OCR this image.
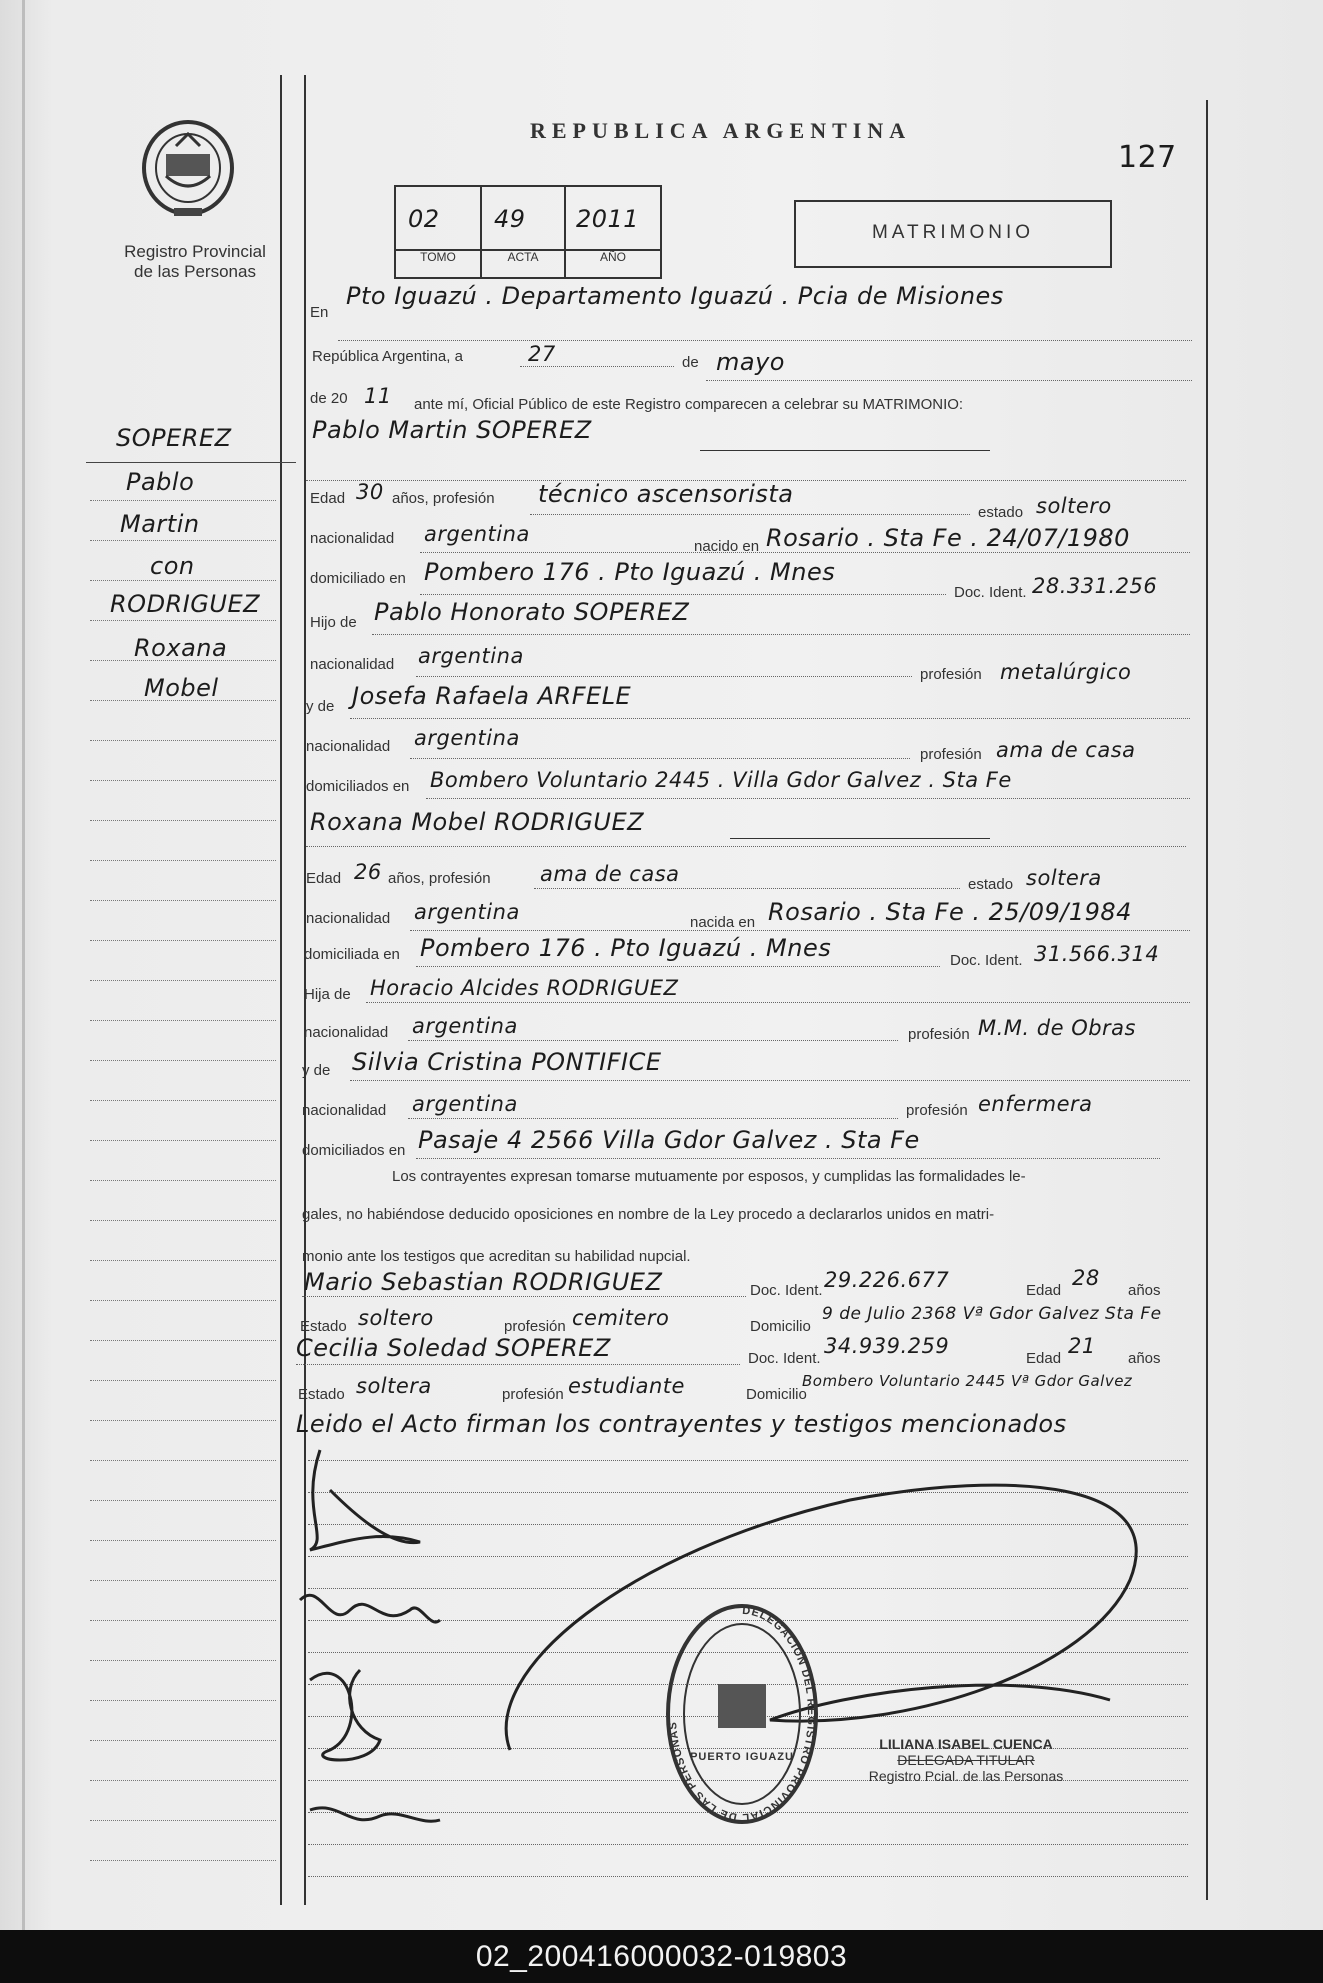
Registro Provincial
de las Personas
REPUBLICA ARGENTINA
127
02 49 2011
TOMO	ACTA	AÑO
MATRIMONIO
SOPEREZ
Pablo
Martin
con
RODRIGUEZ
Roxana
Mobel
En
Pto Iguazú . Departamento Iguazú . Pcia de Misiones
República Argentina, a	27	de mayo
de 20 11 ante mí, Oficial Público de este Registro comparecen a celebrar su MATRIMONIO:
Pablo Martin SOPEREZ
Edad 30 años, profesión técnico ascensorista
estado soltero
nacionalidad argentina
nacido en Rosario . Sta Fe . 24/07/1980
domiciliado en Pombero 176 . Pto Iguazú . Mnes
Doc. Ident. 28.331.256
Hijo de Pablo Honorato SOPEREZ
nacionalidad argentina
profesión metalúrgico
y de Josefa Rafaela ARFELE
nacionalidad argentina
profesión ama de casa
domiciliados en Bombero Voluntario 2445 . Villa Gdor Galvez . Sta Fe
Roxana Mobel RODRIGUEZ
Edad 26 años, profesión ama de casa	estado soltera
nacionalidad argentina	nacida en Rosario . Sta Fe . 25/09/1984
domiciliada en Pombero 176 . Pto Iguazú . Mnes	Doc. Ident. 31.566.314
Hija de Horacio Alcides RODRIGUEZ
nacionalidad argentina	profesión M.M. de Obras
y de Silvia Cristina PONTIFICE
nacionalidad argentina	profesión enfermera
domiciliados en Pasaje 4 2566 Villa Gdor Galvez . Sta Fe
Los contrayentes expresan tomarse mutuamente por esposos, y cumplidas las formalidades le-
gales, no habiéndose deducido oposiciones en nombre de la Ley procedo a declararlos unidos en matri-
monio ante los testigos que acreditan su habilidad nupcial.
Mario Sebastian RODRIGUEZ	Doc. Ident. 29.226.677	Edad
28
años
Estado soltero	profesión cemitero	Domicilio
9 de Julio 2368 Vª Gdor Galvez Sta Fe
Cecilia Soledad SOPEREZ	Doc. Ident.
34.939.259
Edad
21
años
Estado soltera	profesión estudiante	Domicilio
Bombero Voluntario 2445 Vª Gdor Galvez
Leido el Acto firman los contrayentes y testigos mencionados
DELEGACION DEL REGISTRO PROVINCIAL DE LAS PERSONAS
PUERTO IGUAZU
LILIANA ISABEL CUENCA
DELEGADA TITULAR
Registro Pcial. de las Personas
02_200416000032-019803
